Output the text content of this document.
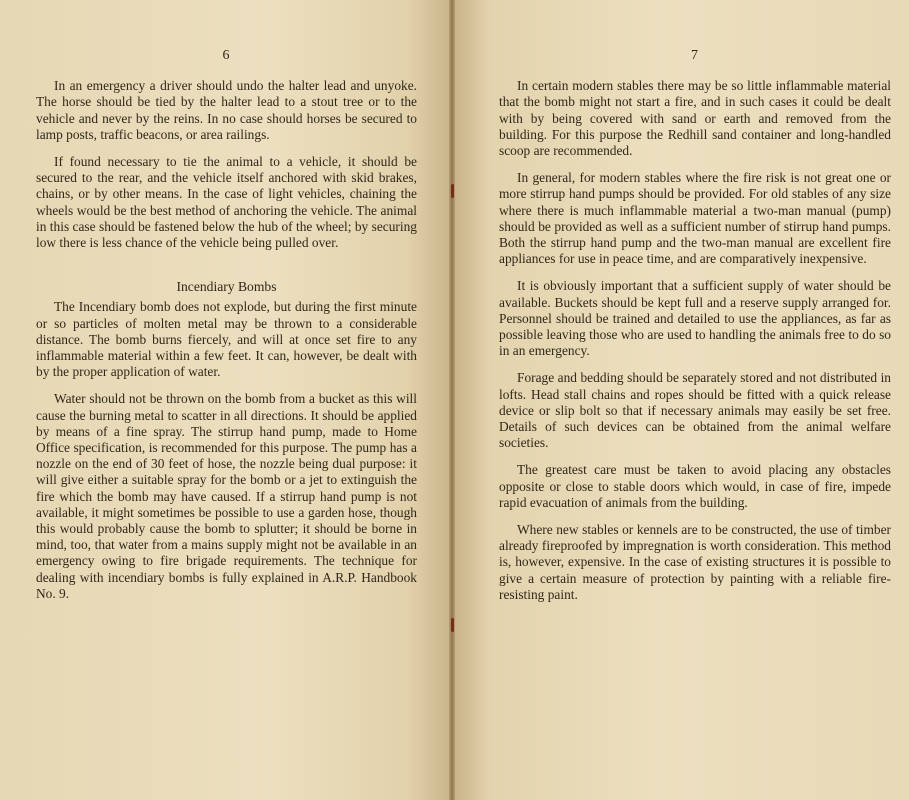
6

In an emergency a driver should undo the halter lead and unyoke. The horse should be tied by the halter lead to a stout tree or to the vehicle and never by the reins. In no case should horses be secured to lamp posts, traffic beacons, or area railings.

If found necessary to tie the animal to a vehicle, it should be secured to the rear, and the vehicle itself anchored with skid brakes, chains, or by other means. In the case of light vehicles, chaining the wheels would be the best method of anchoring the vehicle. The animal in this case should be fastened below the hub of the wheel; by securing low there is less chance of the vehicle being pulled over.

Incendiary Bombs

The Incendiary bomb does not explode, but during the first minute or so particles of molten metal may be thrown to a considerable distance. The bomb burns fiercely, and will at once set fire to any inflammable material within a few feet. It can, however, be dealt with by the proper application of water.

Water should not be thrown on the bomb from a bucket as this will cause the burning metal to scatter in all directions. It should be applied by means of a fine spray. The stirrup hand pump, made to Home Office specification, is recommended for this purpose. The pump has a nozzle on the end of 30 feet of hose, the nozzle being dual purpose: it will give either a suitable spray for the bomb or a jet to extinguish the fire which the bomb may have caused. If a stirrup hand pump is not available, it might sometimes be possible to use a garden hose, though this would probably cause the bomb to splutter; it should be borne in mind, too, that water from a mains supply might not be available in an emergency owing to fire brigade requirements. The technique for dealing with incendiary bombs is fully explained in A.R.P. Handbook No. 9.

7

In certain modern stables there may be so little inflammable material that the bomb might not start a fire, and in such cases it could be dealt with by being covered with sand or earth and removed from the building. For this purpose the Redhill sand container and long-handled scoop are recommended.

In general, for modern stables where the fire risk is not great one or more stirrup hand pumps should be provided. For old stables of any size where there is much inflammable material a two-man manual (pump) should be provided as well as a sufficient number of stirrup hand pumps. Both the stirrup hand pump and the two-man manual are excellent fire appliances for use in peace time, and are comparatively inexpensive.

It is obviously important that a sufficient supply of water should be available. Buckets should be kept full and a reserve supply arranged for. Personnel should be trained and detailed to use the appliances, as far as possible leaving those who are used to handling the animals free to do so in an emergency.

Forage and bedding should be separately stored and not distributed in lofts. Head stall chains and ropes should be fitted with a quick release device or slip bolt so that if necessary animals may easily be set free. Details of such devices can be obtained from the animal welfare societies.

The greatest care must be taken to avoid placing any obstacles opposite or close to stable doors which would, in case of fire, impede rapid evacuation of animals from the building.

Where new stables or kennels are to be constructed, the use of timber already fireproofed by impregnation is worth consideration. This method is, however, expensive. In the case of existing structures it is possible to give a certain measure of protection by painting with a reliable fire-resisting paint.
